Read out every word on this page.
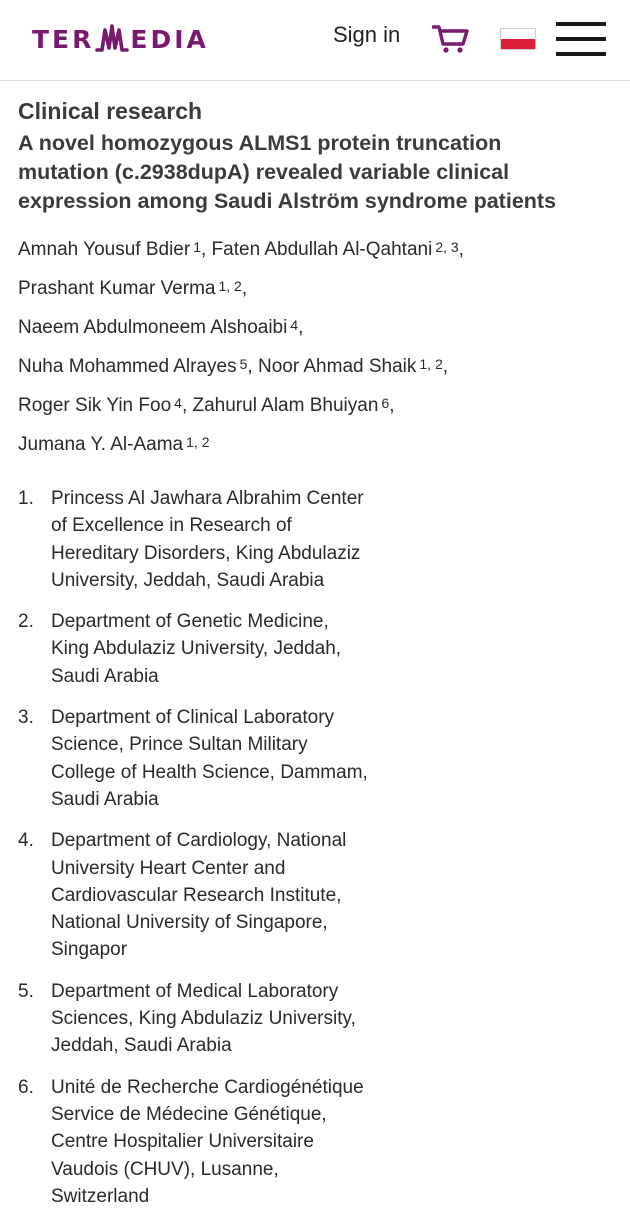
TER EDIA	Sign in
Clinical research
A novel homozygous ALMS1 protein truncation
mutation (c.2938dupA) revealed variable clinical
expression among Saudi Alström syndrome patients
Amnah Yousuf Bdier $^1$, Faten Abdullah Al-Qahtani $^{2, 3}$,
Prashant Kumar Verma $^{1, 2}$,
Naeem Abdulmoneem Alshoaibi $^4$,
Nuha Mohammed Alrayes $^5$, Noor Ahmad Shaik $^{1, 2}$,
Roger Sik Yin Foo $^4$, Zahurul Alam Bhuiyan $^6$,
Jumana Y. Al-Aama $^{1, 2}$
1. Princess Al Jawhara Albrahim Center
of Excellence in Research of
Hereditary Disorders, King Abdulaziz
University, Jeddah, Saudi Arabia
2. Department of Genetic Medicine,
King Abdulaziz University, Jeddah,
Saudi Arabia
3. Department of Clinical Laboratory
Science, Prince Sultan Military
College of Health Science, Dammam,
Saudi Arabia
4. Department of Cardiology, National
University Heart Center and
Cardiovascular Research Institute,
National University of Singapore,
Singapor
5. Department of Medical Laboratory
Sciences, King Abdulaziz University,
Jeddah, Saudi Arabia
6. Unité de Recherche Cardiogénétique
Service de Médecine Génétique,
Centre Hospitalier Universitaire
Vaudois (CHUV), Lusanne,
Switzerland
